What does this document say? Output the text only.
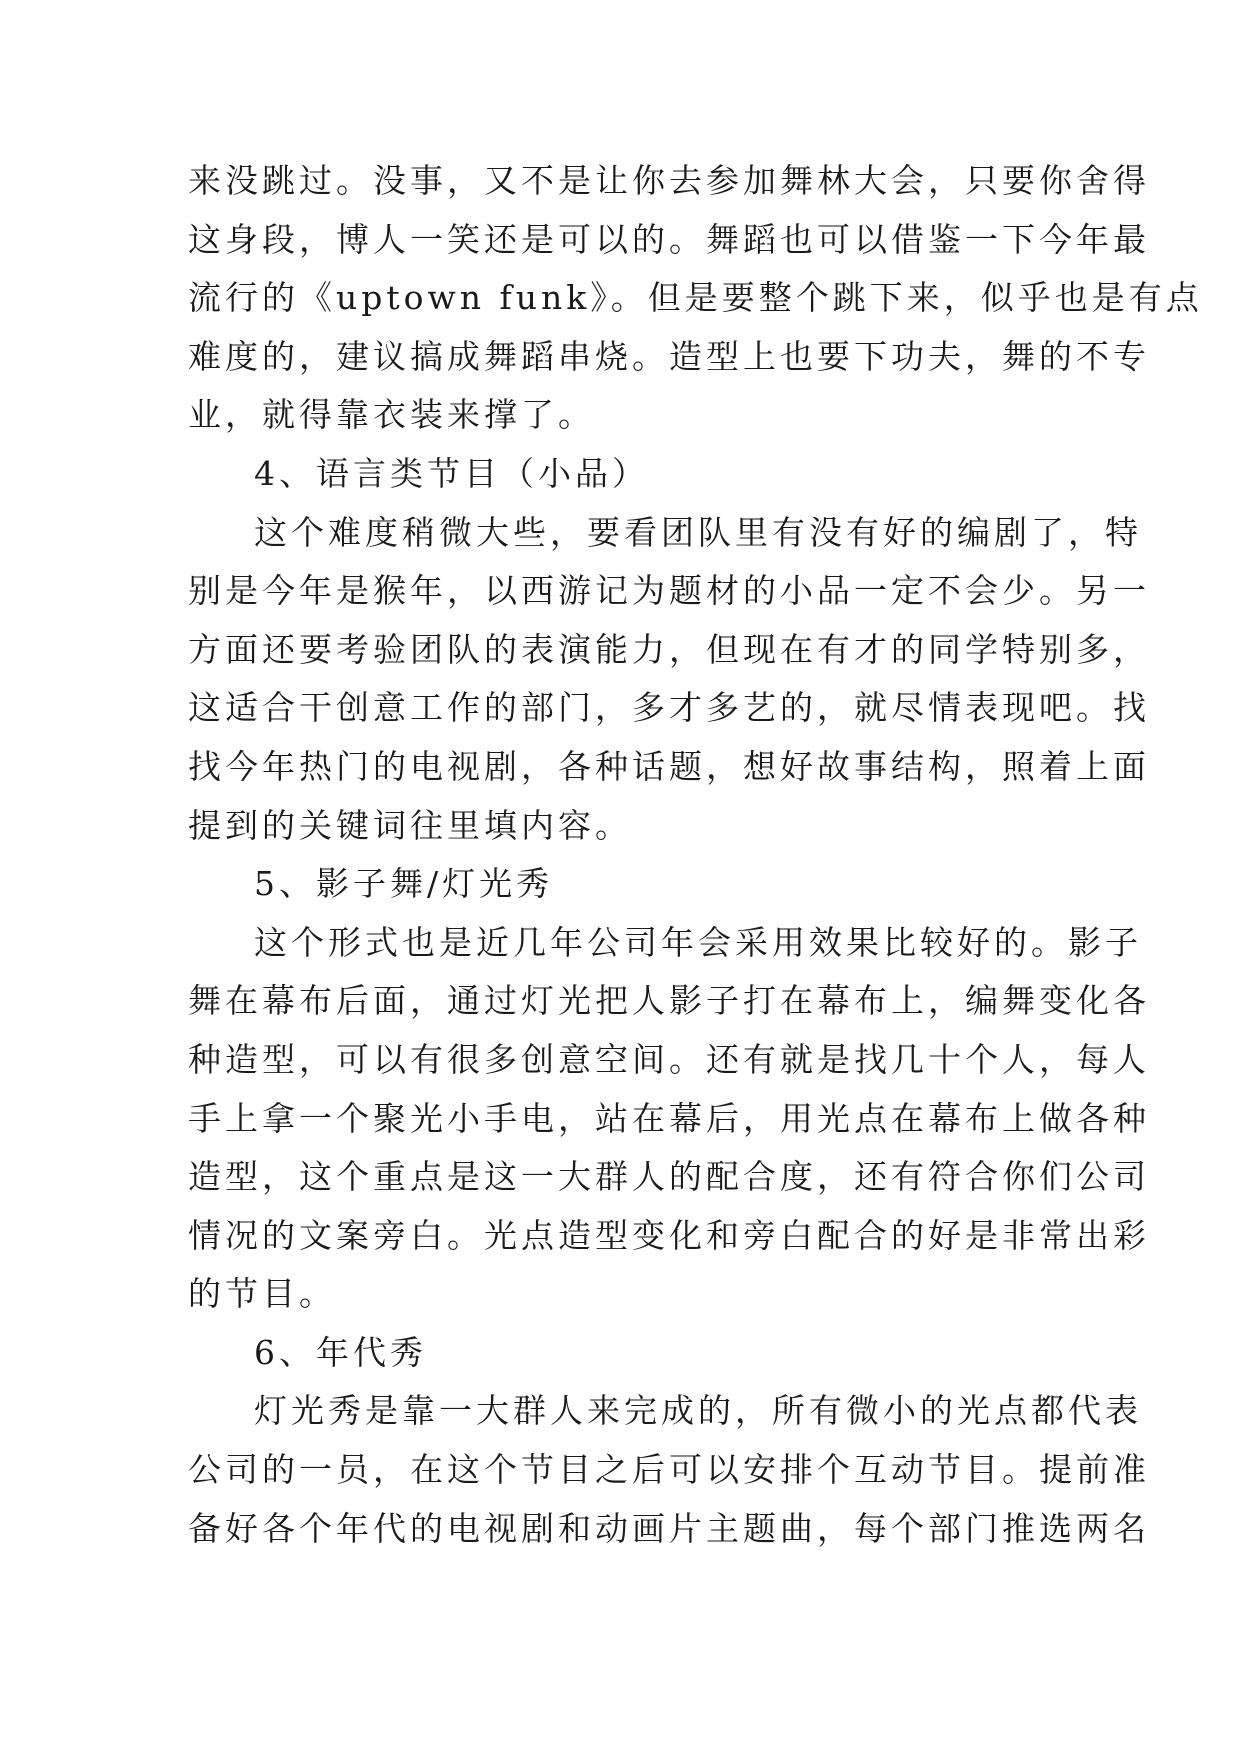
来没跳过。没事，又不是让你去参加舞林大会，只要你舍得
这身段，博人一笑还是可以的。舞蹈也可以借鉴一下今年最
流行的《uptown funk》。但是要整个跳下来，似乎也是有点
难度的，建议搞成舞蹈串烧。造型上也要下功夫，舞的不专
业，就得靠衣装来撑了。
4、语言类节目（小品）
这个难度稍微大些，要看团队里有没有好的编剧了，特
别是今年是猴年，以西游记为题材的小品一定不会少。另一
方面还要考验团队的表演能力，但现在有才的同学特别多，
这适合干创意工作的部门，多才多艺的，就尽情表现吧。找
找今年热门的电视剧，各种话题，想好故事结构，照着上面
提到的关键词往里填内容。
5、影子舞/灯光秀
这个形式也是近几年公司年会采用效果比较好的。影子
舞在幕布后面，通过灯光把人影子打在幕布上，编舞变化各
种造型，可以有很多创意空间。还有就是找几十个人，每人
手上拿一个聚光小手电，站在幕后，用光点在幕布上做各种
造型，这个重点是这一大群人的配合度，还有符合你们公司
情况的文案旁白。光点造型变化和旁白配合的好是非常出彩
的节目。
6、年代秀
灯光秀是靠一大群人来完成的，所有微小的光点都代表
公司的一员，在这个节目之后可以安排个互动节目。提前准
备好各个年代的电视剧和动画片主题曲，每个部门推选两名
